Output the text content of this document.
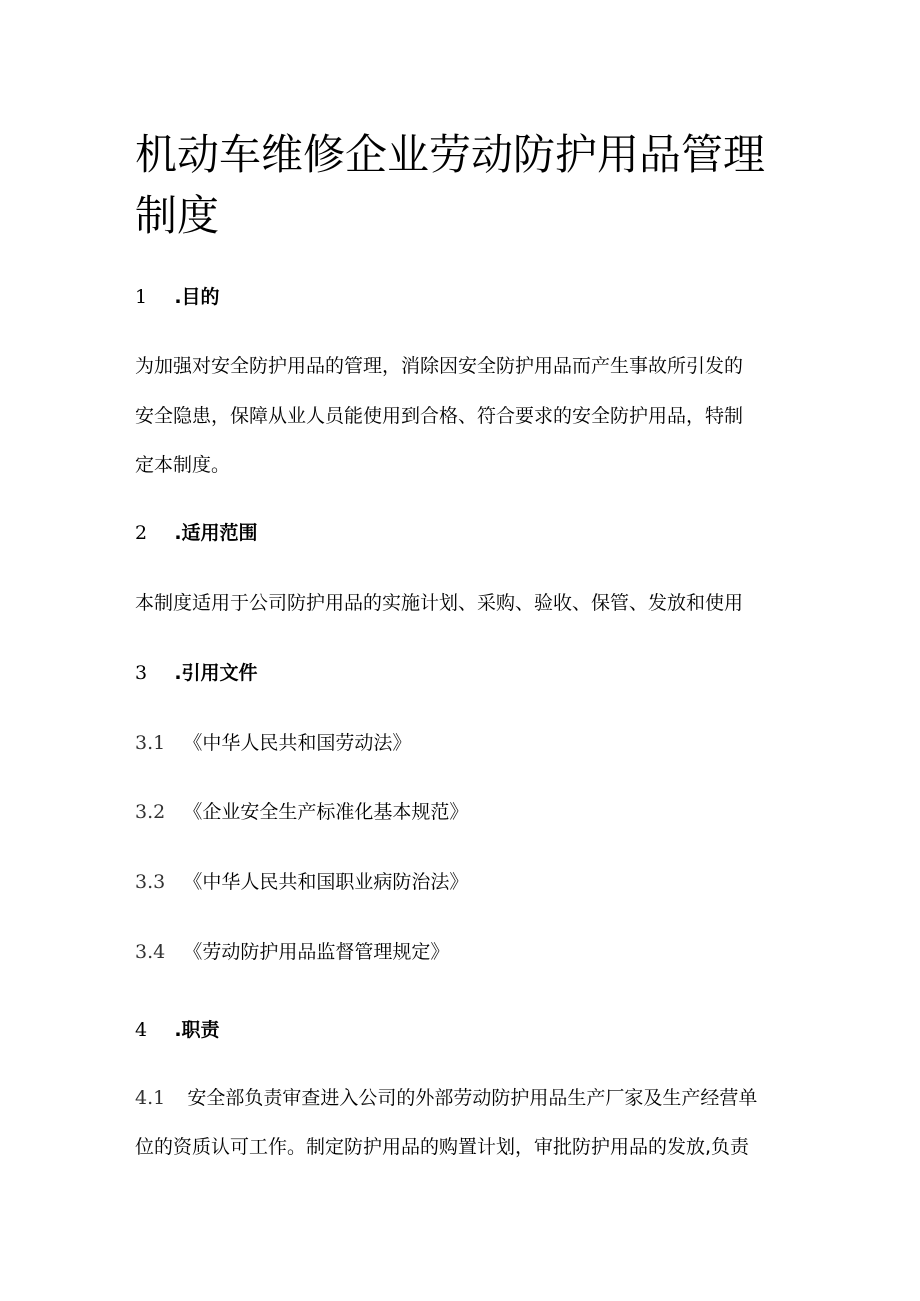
机动车维修企业劳动防护用品管理
制度
1 .目的
为加强对安全防护用品的管理，消除因安全防护用品而产生事故所引发的
安全隐患，保障从业人员能使用到合格、符合要求的安全防护用品，特制
定本制度。
2 .适用范围
本制度适用于公司防护用品的实施计划、采购、验收、保管、发放和使用
3 .引用文件
3.1 《中华人民共和国劳动法》
3.2 《企业安全生产标准化基本规范》
3.3 《中华人民共和国职业病防治法》
3.4 《劳动防护用品监督管理规定》
4 .职责
4.1 安全部负责审查进入公司的外部劳动防护用品生产厂家及生产经营单
位的资质认可工作。制定防护用品的购置计划，审批防护用品的发放,负责
